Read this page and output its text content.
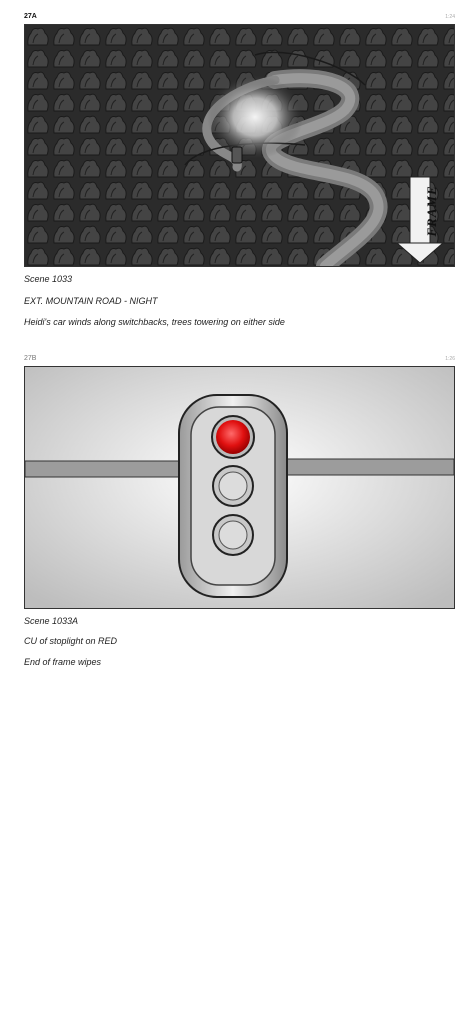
27A	1:24
FRAME

Scene 1033

EXT. MOUNTAIN ROAD - NIGHT

Heidi's car winds along switchbacks, trees towering on either side

27B	1:26

Scene 1033A

CU of stoplight on RED

End of frame wipes
